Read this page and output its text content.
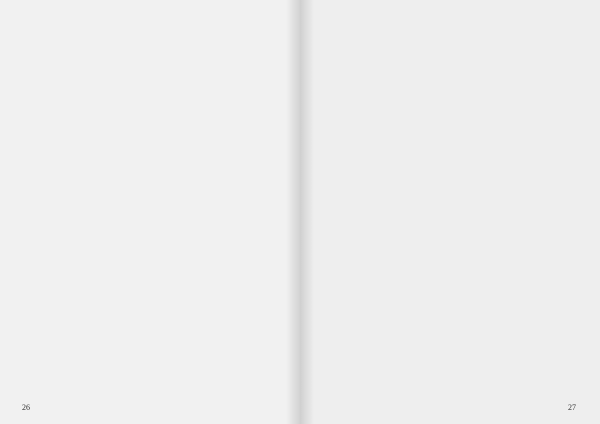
26	27
